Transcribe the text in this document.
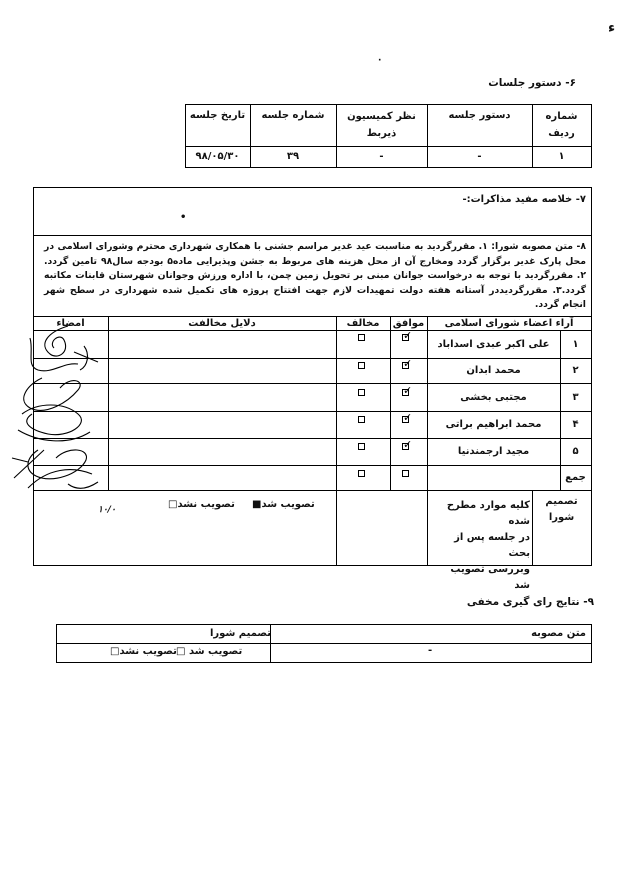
ء
·
۶- دستور جلسات
شماره
ردیف
دستور جلسه
نظر کمیسیون
ذیربط
شماره جلسه
تاریخ جلسه
۱
-
-
۳۹
۹۸/۰۵/۳۰
۷- خلاصه مفید مذاکرات:-
•
۸- متن مصوبه شورا: ۱. مقررگردید به مناسبت عید غدیر مراسم جشنی با همکاری شهرداری محترم وشورای اسلامی در محل پارک غدیر برگزار گردد ومخارج آن از محل هزینه های مربوط به جشن وپذیرایی ماده۵ بودجه سال۹۸ تامین گردد. ۲. مقررگردید با توجه به درخواست جوانان مبنی بر تحویل زمین چمن، با اداره ورزش وجوانان شهرستان قابنات مکاتبه گردد.۳. مقررگردیددر آستانه هفته دولت تمهیدات لازم جهت افتتاح پروژه های تکمیل شده شهرداری در سطح شهر انجام گردد.
آراء اعضاء شورای اسلامی
موافق
مخالف
دلایل مخالفت
امضاء
۱
علی اکبر عبدی اسداباد
✓
۲
محمد ابدان
✓
۳
مجتبی بخشی
✓
۴
محمد ابراهیم براتی
✓
۵
مجید ارجمندنیا
✓
جمع
تصمیم
شورا
کلیه موارد مطرح شده
در جلسه پس از بحث
وبررسی تصویب شد
تصویب شد■
تصویب نشد□
۱۰/۰
۹- نتایج رای گیری مخفی
متن مصوبه
تصمیم شورا
-
تصویب شد □
تصویب نشد□
